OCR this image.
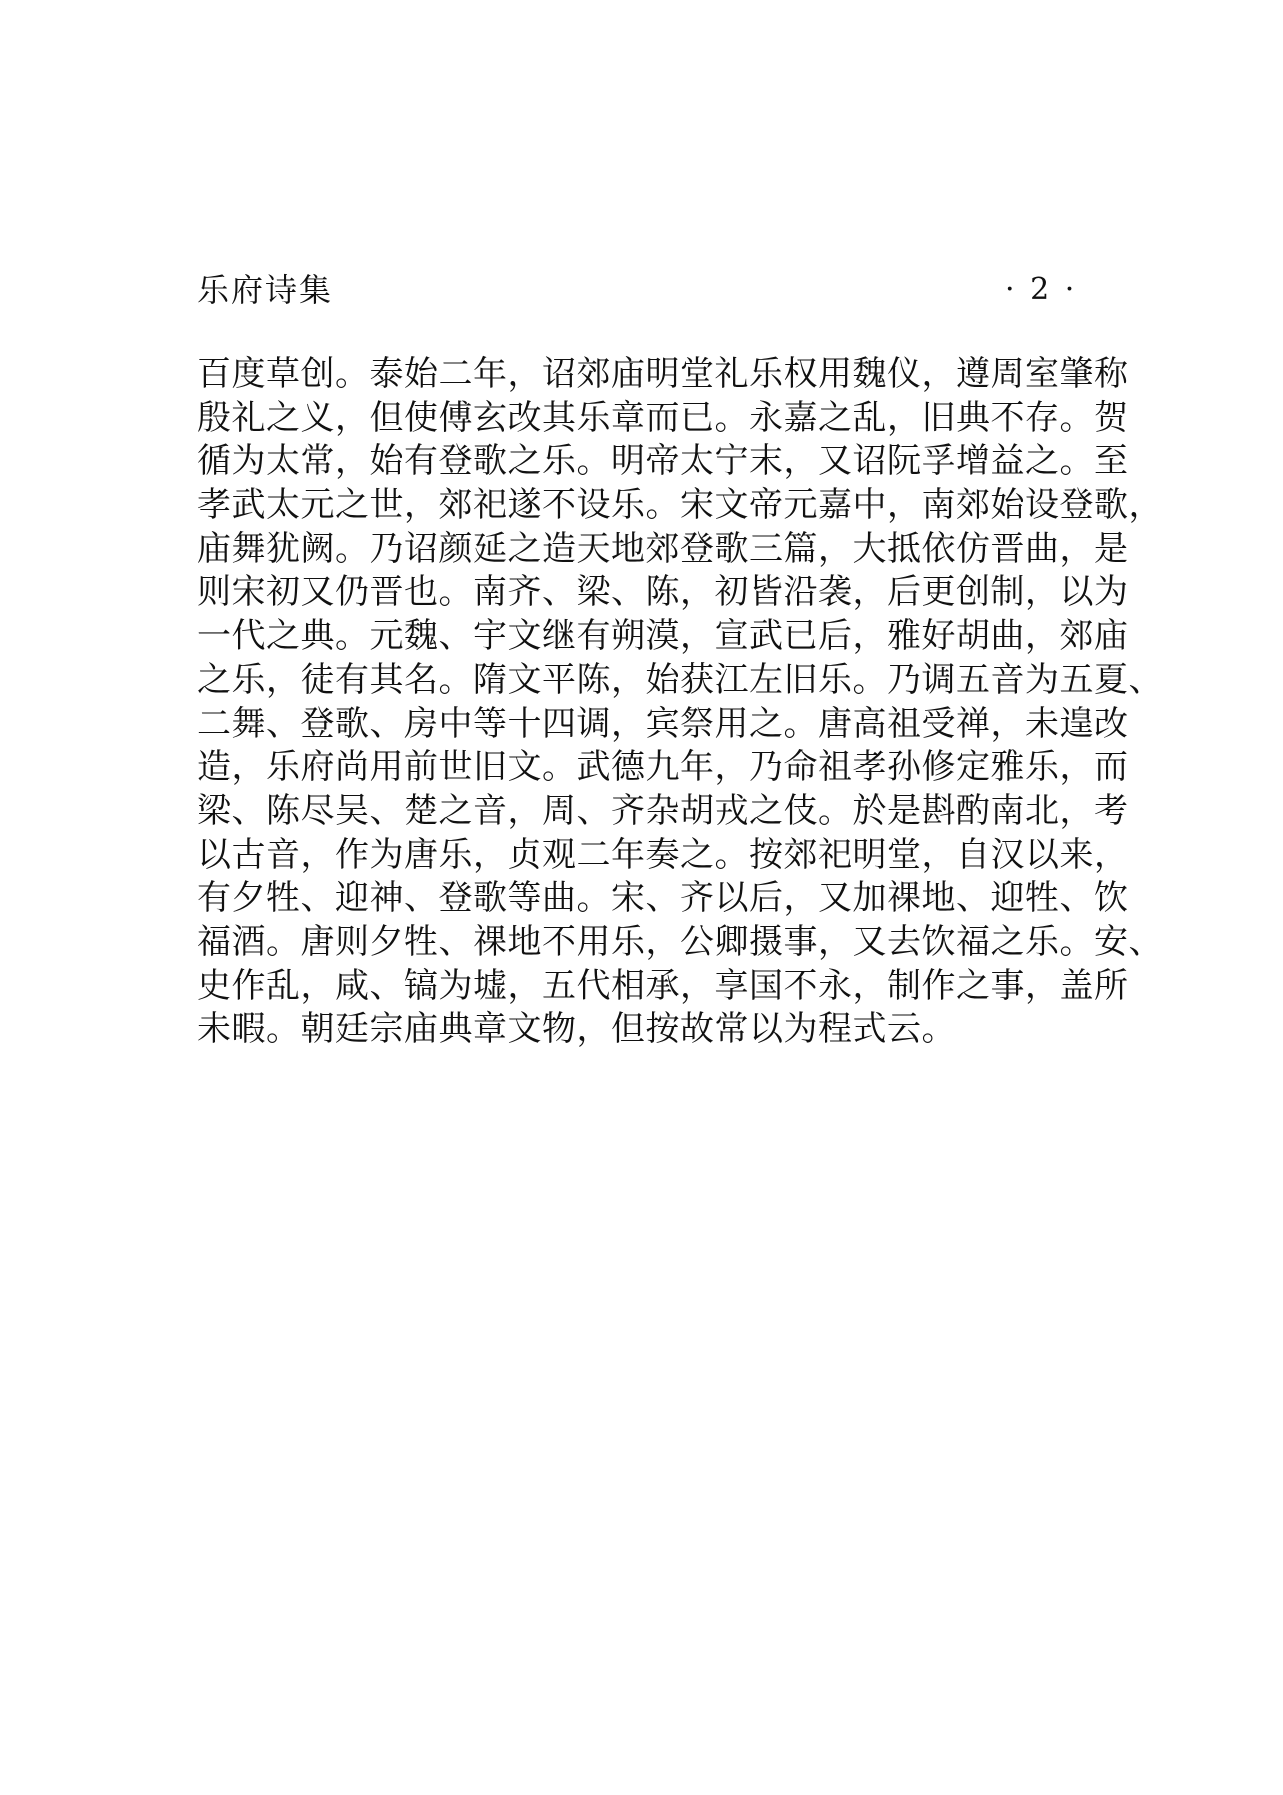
乐府诗集	· 2 ·
百度草创。泰始二年，诏郊庙明堂礼乐权用魏仪，遵周室肇称
殷礼之义，但使傅玄改其乐章而已。永嘉之乱，旧典不存。贺
循为太常，始有登歌之乐。明帝太宁末，又诏阮孚增益之。至
孝武太元之世，郊祀遂不设乐。宋文帝元嘉中，南郊始设登歌，
庙舞犹阙。乃诏颜延之造天地郊登歌三篇，大抵依仿晋曲，是
则宋初又仍晋也。南齐、梁、陈，初皆沿袭，后更创制，以为
一代之典。元魏、宇文继有朔漠，宣武已后，雅好胡曲，郊庙
之乐，徒有其名。隋文平陈，始获江左旧乐。乃调五音为五夏、
二舞、登歌、房中等十四调，宾祭用之。唐高祖受禅，未遑改
造，乐府尚用前世旧文。武德九年，乃命祖孝孙修定雅乐，而
梁、陈尽吴、楚之音，周、齐杂胡戎之伎。於是斟酌南北，考
以古音，作为唐乐，贞观二年奏之。按郊祀明堂，自汉以来，
有夕牲、迎神、登歌等曲。宋、齐以后，又加祼地、迎牲、饮
福酒。唐则夕牲、祼地不用乐，公卿摄事，又去饮福之乐。安、
史作乱，咸、镐为墟，五代相承，享国不永，制作之事，盖所
未暇。朝廷宗庙典章文物，但按故常以为程式云。
